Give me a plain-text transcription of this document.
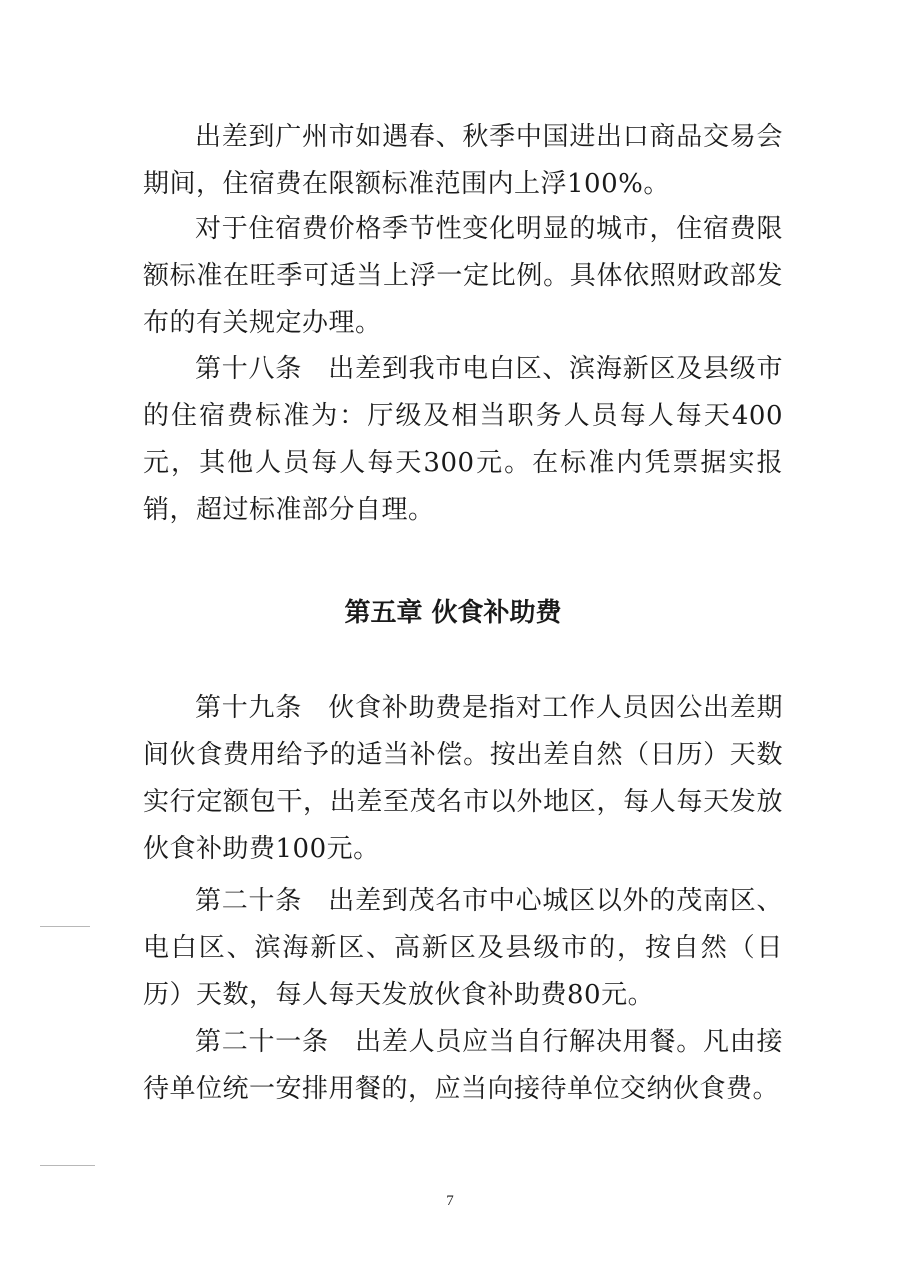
出差到广州市如遇春、秋季中国进出口商品交易会期间，住宿费在限额标准范围内上浮100%。

对于住宿费价格季节性变化明显的城市，住宿费限额标准在旺季可适当上浮一定比例。具体依照财政部发布的有关规定办理。

第十八条 出差到我市电白区、滨海新区及县级市的住宿费标准为：厅级及相当职务人员每人每天400元，其他人员每人每天300元。在标准内凭票据实报销，超过标准部分自理。

第五章 伙食补助费

第十九条 伙食补助费是指对工作人员因公出差期间伙食费用给予的适当补偿。按出差自然（日历）天数实行定额包干，出差至茂名市以外地区，每人每天发放伙食补助费100元。

第二十条 出差到茂名市中心城区以外的茂南区、电白区、滨海新区、高新区及县级市的，按自然（日历）天数，每人每天发放伙食补助费80元。

第二十一条 出差人员应当自行解决用餐。凡由接待单位统一安排用餐的，应当向接待单位交纳伙食费。

7
